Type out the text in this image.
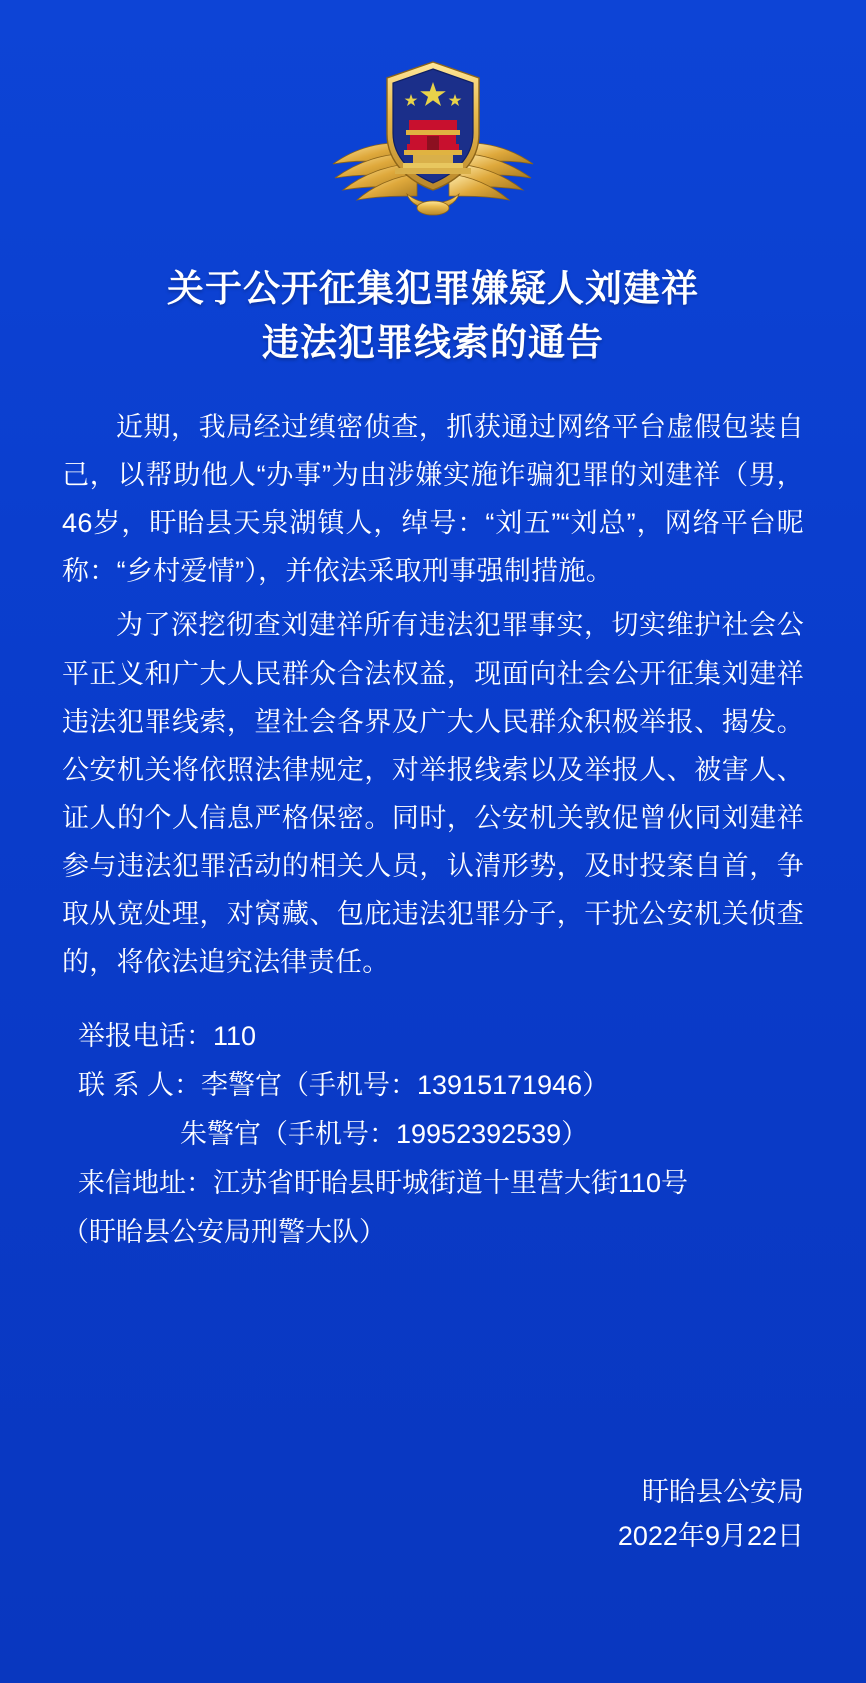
关于公开征集犯罪嫌疑人刘建祥
违法犯罪线索的通告

近期，我局经过缜密侦查，抓获通过网络平台虚假包装自己，以帮助他人“办事”为由涉嫌实施诈骗犯罪的刘建祥（男，46岁，盱眙县天泉湖镇人，绰号：“刘五”“刘总”，网络平台昵称：“乡村爱情”），并依法采取刑事强制措施。

为了深挖彻查刘建祥所有违法犯罪事实，切实维护社会公平正义和广大人民群众合法权益，现面向社会公开征集刘建祥违法犯罪线索，望社会各界及广大人民群众积极举报、揭发。公安机关将依照法律规定，对举报线索以及举报人、被害人、证人的个人信息严格保密。同时，公安机关敦促曾伙同刘建祥参与违法犯罪活动的相关人员，认清形势，及时投案自首，争取从宽处理，对窝藏、包庇违法犯罪分子，干扰公安机关侦查的，将依法追究法律责任。

举报电话：110
联 系 人：李警官（手机号：13915171946）
朱警官（手机号：19952392539）
来信地址：江苏省盱眙县盱城街道十里营大街110号
（盱眙县公安局刑警大队）
盱眙县公安局
2022年9月22日
